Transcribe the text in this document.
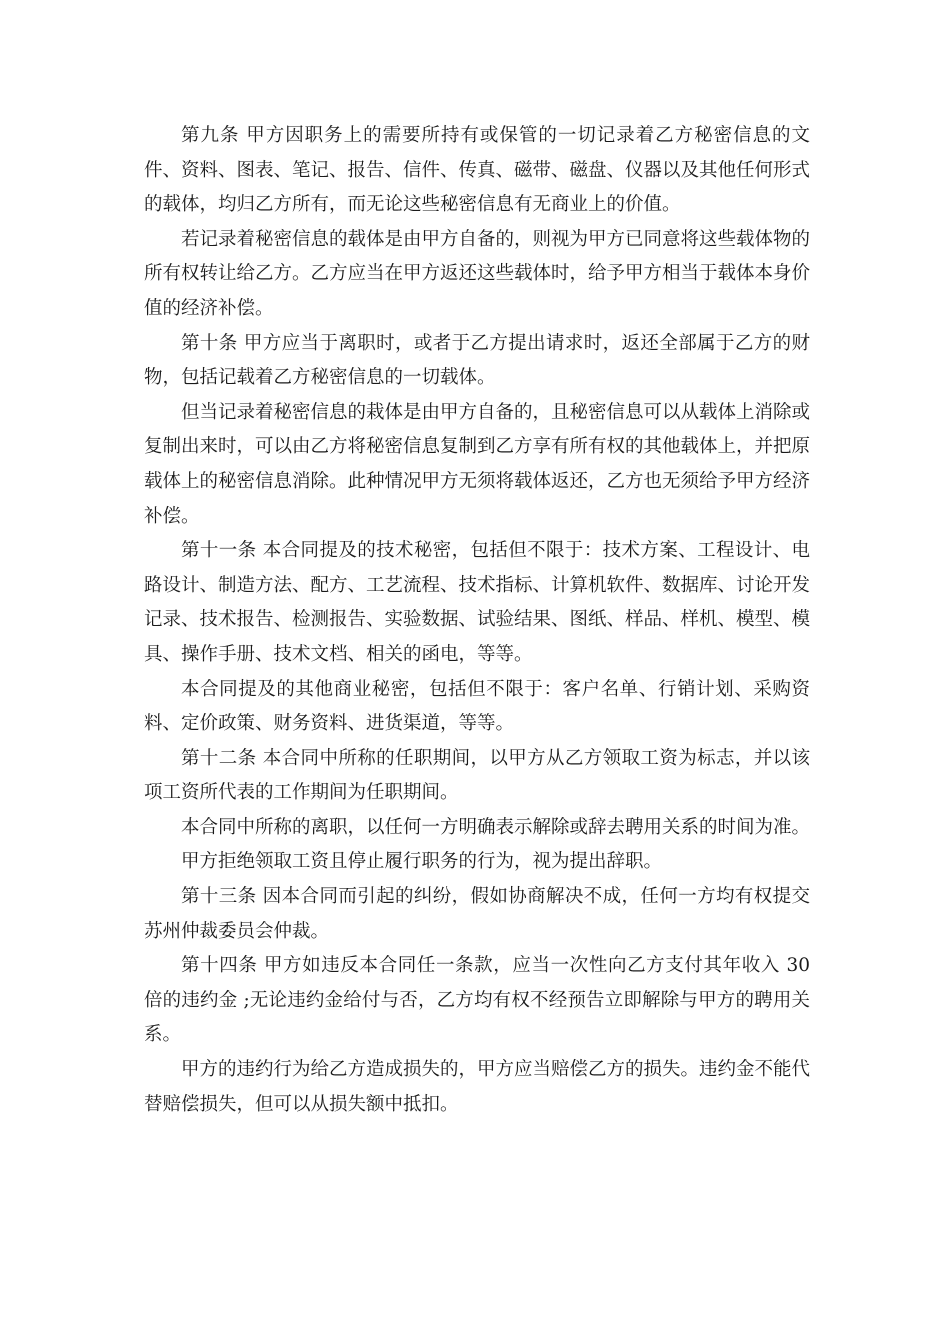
第九条 甲方因职务上的需要所持有或保管的一切记录着乙方秘密信息的文件、资料、图表、笔记、报告、信件、传真、磁带、磁盘、仪器以及其他任何形式的载体，均归乙方所有，而无论这些秘密信息有无商业上的价值。

若记录着秘密信息的载体是由甲方自备的，则视为甲方已同意将这些载体物的所有权转让给乙方。乙方应当在甲方返还这些载体时，给予甲方相当于载体本身价值的经济补偿。

第十条 甲方应当于离职时，或者于乙方提出请求时，返还全部属于乙方的财物，包括记载着乙方秘密信息的一切载体。

但当记录着秘密信息的栽体是由甲方自备的，且秘密信息可以从载体上消除或复制出来时，可以由乙方将秘密信息复制到乙方享有所有权的其他载体上，并把原载体上的秘密信息消除。此种情况甲方无须将载体返还，乙方也无须给予甲方经济补偿。

第十一条 本合同提及的技术秘密，包括但不限于：技术方案、工程设计、电路设计、制造方法、配方、工艺流程、技术指标、计算机软件、数据库、讨论开发记录、技术报告、检测报告、实验数据、试验结果、图纸、样品、样机、模型、模具、操作手册、技术文档、相关的函电，等等。

本合同提及的其他商业秘密，包括但不限于：客户名单、行销计划、采购资料、定价政策、财务资料、进货渠道，等等。

第十二条 本合同中所称的任职期间，以甲方从乙方领取工资为标志，并以该项工资所代表的工作期间为任职期间。

本合同中所称的离职，以任何一方明确表示解除或辞去聘用关系的时间为准。

甲方拒绝领取工资且停止履行职务的行为，视为提出辞职。

第十三条 因本合同而引起的纠纷，假如协商解决不成，任何一方均有权提交苏州仲裁委员会仲裁。

第十四条 甲方如违反本合同任一条款，应当一次性向乙方支付其年收入 30 倍的违约金 ;无论违约金给付与否，乙方均有权不经预告立即解除与甲方的聘用关系。

甲方的违约行为给乙方造成损失的，甲方应当赔偿乙方的损失。违约金不能代替赔偿损失，但可以从损失额中抵扣。
